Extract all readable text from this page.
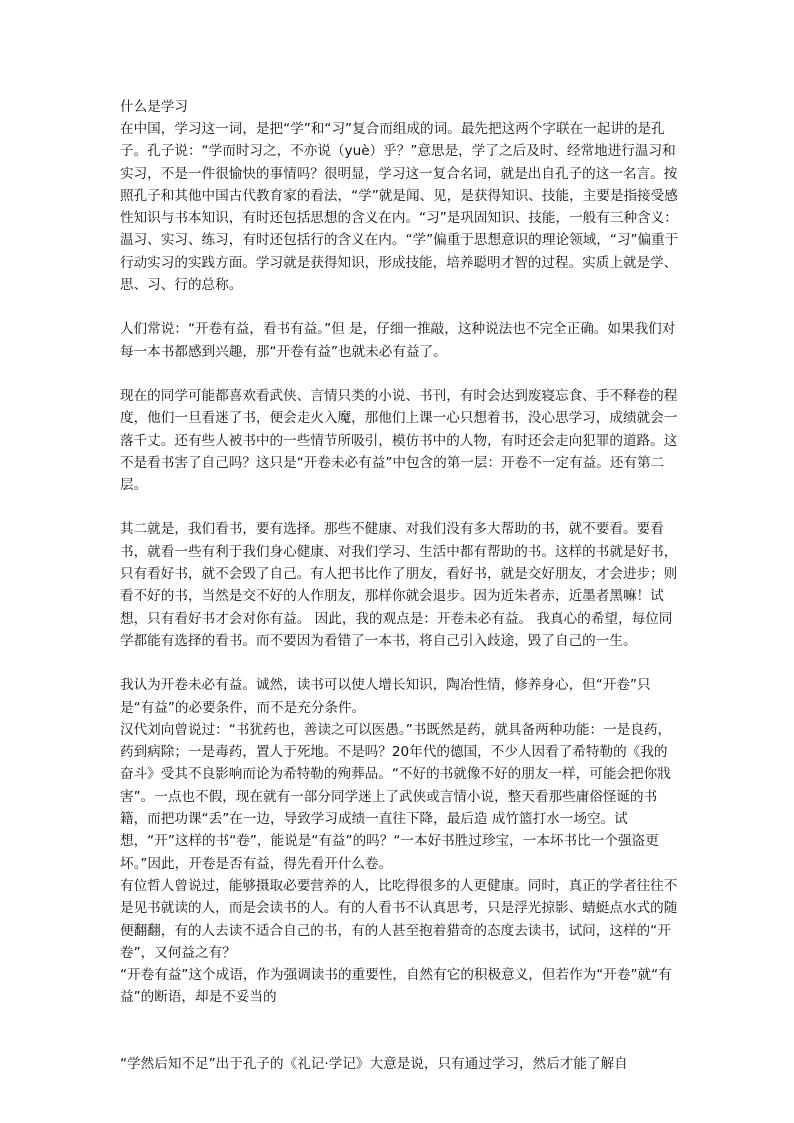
什么是学习

在中国，学习这一词，是把“学”和“习”复合而组成的词。最先把这两个字联在一起讲的是孔子。孔子说：“学而时习之，不亦说（yuè）乎？”意思是，学了之后及时、经常地进行温习和实习，不是一件很愉快的事情吗？很明显，学习这一复合名词，就是出自孔子的这一名言。按照孔子和其他中国古代教育家的看法，“学”就是闻、见，是获得知识、技能，主要是指接受感性知识与书本知识，有时还包括思想的含义在内。“习”是巩固知识、技能，一般有三种含义：温习、实习、练习，有时还包括行的含义在内。“学”偏重于思想意识的理论领域，“习”偏重于行动实习的实践方面。学习就是获得知识，形成技能，培养聪明才智的过程。实质上就是学、思、习、行的总称。

人们常说：“开卷有益，看书有益。”但 是，仔细一推敲，这种说法也不完全正确。如果我们对每一本书都感到兴趣，那“开卷有益”也就未必有益了。

现在的同学可能都喜欢看武侠、言情只类的小说、书刊，有时会达到废寝忘食、手不释卷的程度，他们一旦看迷了书，便会走火入魔，那他们上课一心只想着书，没心思学习，成绩就会一落千丈。还有些人被书中的一些情节所吸引，模仿书中的人物，有时还会走向犯罪的道路。这不是看书害了自己吗？这只是“开卷未必有益”中包含的第一层：开卷不一定有益。还有第二层。

其二就是，我们看书，要有选择。那些不健康、对我们没有多大帮助的书，就不要看。要看书，就看一些有利于我们身心健康、对我们学习、生活中都有帮助的书。这样的书就是好书，只有看好书，就不会毁了自己。有人把书比作了朋友，看好书，就是交好朋友，才会进步；则看不好的书，当然是交不好的人作朋友，那样你就会退步。因为近朱者赤，近墨者黑嘛！试想，只有看好书才会对你有益。 因此，我的观点是：开卷未必有益。 我真心的希望，每位同学都能有选择的看书。而不要因为看错了一本书，将自己引入歧途，毁了自己的一生。

我认为开卷未必有益。诚然，读书可以使人增长知识，陶冶性情，修养身心，但“开卷”只是“有益”的必要条件，而不是充分条件。

汉代刘向曾说过：“书犹药也，善读之可以医愚。”书既然是药，就具备两种功能：一是良药，药到病除；一是毒药，置人于死地。不是吗？20年代的德国，不少人因看了希特勒的《我的奋斗》受其不良影响而论为希特勒的殉葬品。“不好的书就像不好的朋友一样，可能会把你戕害”。一点也不假，现在就有一部分同学迷上了武侠或言情小说，整天看那些庸俗怪诞的书籍，而把功课“丢”在一边，导致学习成绩一直往下降，最后造 成竹篮打水一场空。试想，“开”这样的书“卷”，能说是“有益”的吗？“一本好书胜过珍宝，一本坏书比一个强盗更坏。”因此，开卷是否有益，得先看开什么卷。

有位哲人曾说过，能够摄取必要营养的人，比吃得很多的人更健康。同时，真正的学者往往不是见书就读的人，而是会读书的人。有的人看书不认真思考，只是浮光掠影、蜻蜓点水式的随便翻翻，有的人去读不适合自己的书，有的人甚至抱着猎奇的态度去读书，试问，这样的“开卷”，又何益之有？

“开卷有益”这个成语，作为强调读书的重要性，自然有它的积极意义，但若作为“开卷”就“有益”的断语，却是不妥当的

“学然后知不足”出于孔子的《礼记·学记》大意是说，只有通过学习，然后才能了解自
